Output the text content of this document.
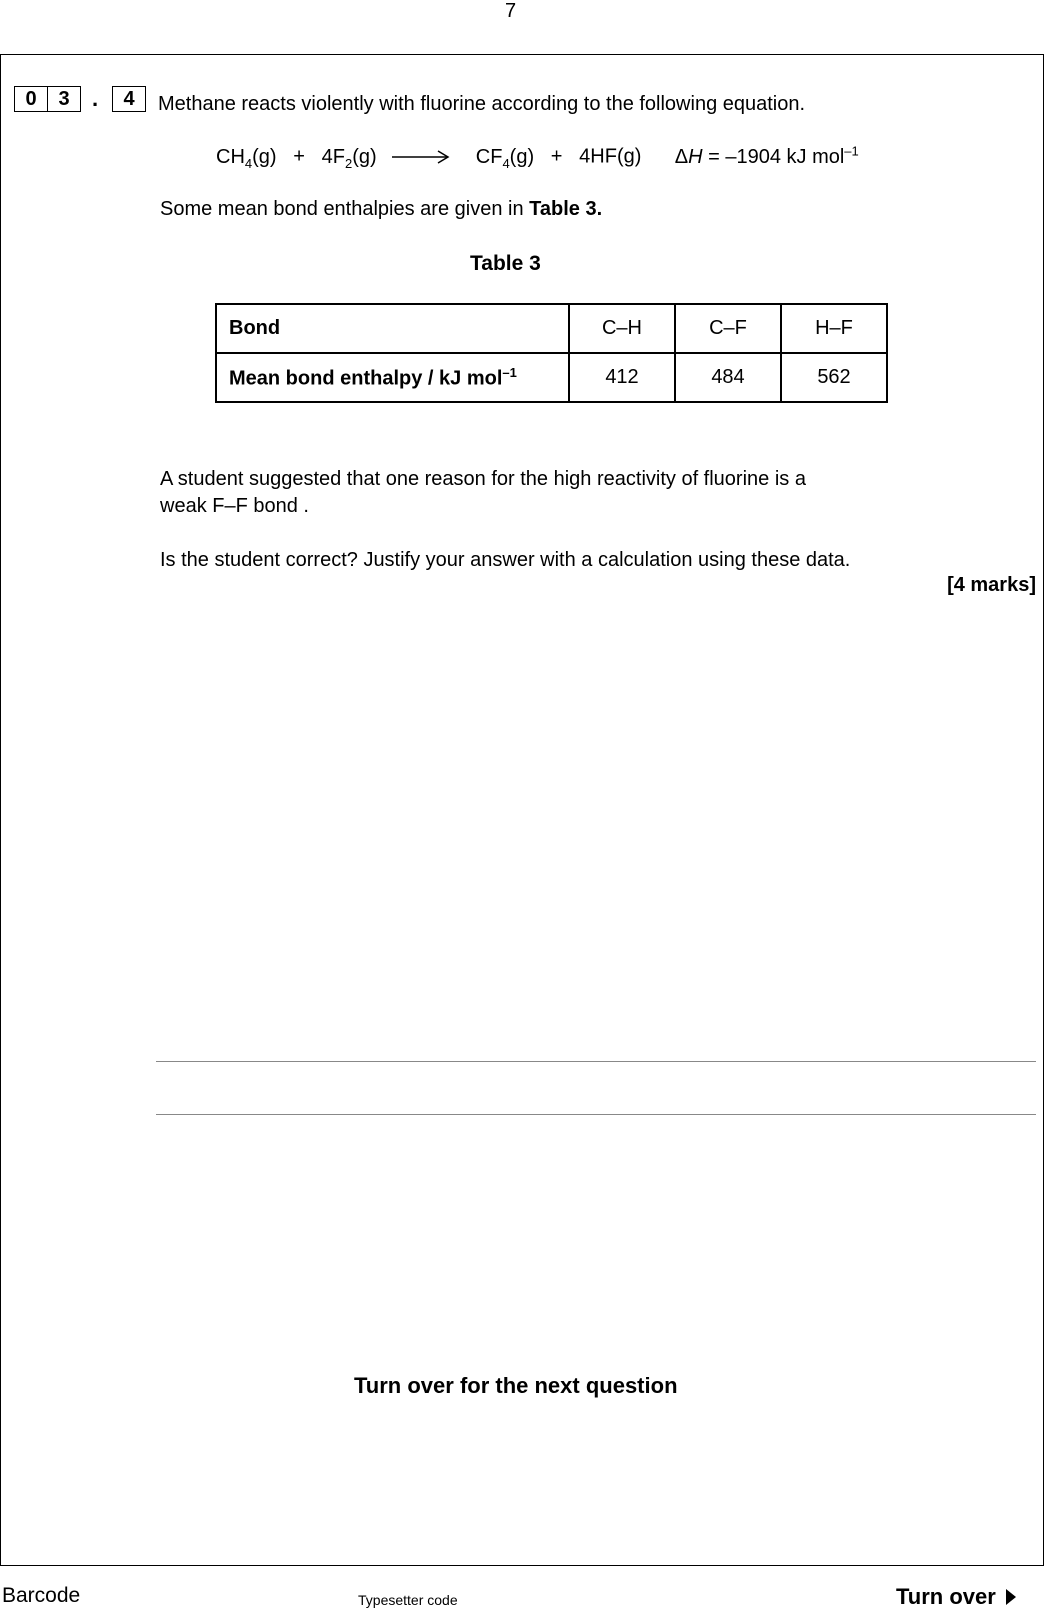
7
0	3	.	4	Methane reacts violently with fluorine according to the following equation.
$CH_4(g) + 4F_2(g) \to CF_4(g) + 4HF(g) \Delta H = -1904$ kJ mol$^{-1}$
Some mean bond enthalpies are given in Table 3.
Table 3
Bond	C–H	C–F	H–F
Mean bond enthalpy / kJ mol$^{-1}$	412	484	562
A student suggested that one reason for the high reactivity of fluorine is a
weak F–F bond .
Is the student correct? Justify your answer with a calculation using these data.
[4 marks]
Turn over for the next question
Barcode	Typesetter code	Turn over
